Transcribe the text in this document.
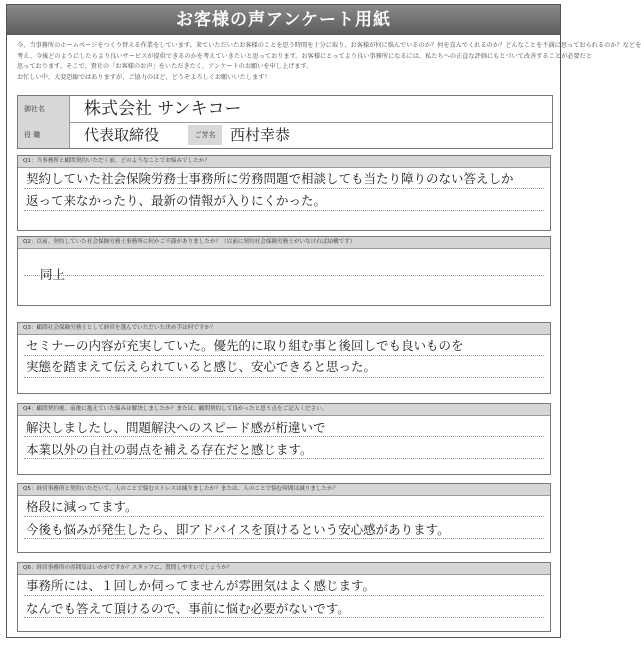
お客様の声アンケート用紙
今、当事務所のホームページをつくり替える作業をしています。来ていただいたお客様のことを思う時間を十分に取り、お客様が何に悩んでいるのか？何を喜んでくれるのか？どんなことを不満に思っておられるのか？などを
考え、今後どのようにしたらより良いサービスが提供できるのかを考えていきたいと思っております。お客様にとってより良い事務所になるには、私たちへの正直な評価にもとづいて改善することが必要だと
思っております。そこで、貴社の「お客様のお声」をいただきたく、アンケートのお願いを申し上げます。
お忙しい中、大変恐縮ではありますが、ご協力のほど、どうぞよろしくお願いいたします！
御社名	株式会社 サンキコー
役 職	代表取締役	ご芳名 西村幸恭
Q1：当事務所と顧問契約いただく前、どのようなことでお悩みでしたか？
契約していた社会保険労務士事務所に労務問題で相談しても当たり障りのない答えしか
返って来なかったり、最新の情報が入りにくかった。
Q2：以前、契約していた社会保険労務士事務所に何かご不満がありましたか？（以前に契約社会保険労務士がいなければ結構です）
同上
Q3：顧問社会保険労務士として経営を選んでいただいた決め手は何ですか？
セミナーの内容が充実していた。優先的に取り組む事と後回しでも良いものを
実態を踏まえて伝えられていると感じ、安心できると思った。
Q4：顧問契約後、前後に抱えていた悩みは解決しましたか？または、顧問契約して良かったと思う点をご記入ください。
解決しましたし、問題解決へのスピード感が桁違いで
本業以外の自社の弱点を補える存在だと感じます。
Q5：経営事務所と契約いただいて、人のことで悩むストレスは減りましたか？または、人のことで悩む時間は減りましたか？
格段に減ってます。
今後も悩みが発生したら、即アドバイスを頂けるという安心感があります。
Q6：経営事務所の雰囲気はいかがですか？スタッフに、質問しやすいでしょうか？
事務所には、１回しか伺ってませんが雰囲気はよく感じます。
なんでも答えて頂けるので、事前に悩む必要がないです。
